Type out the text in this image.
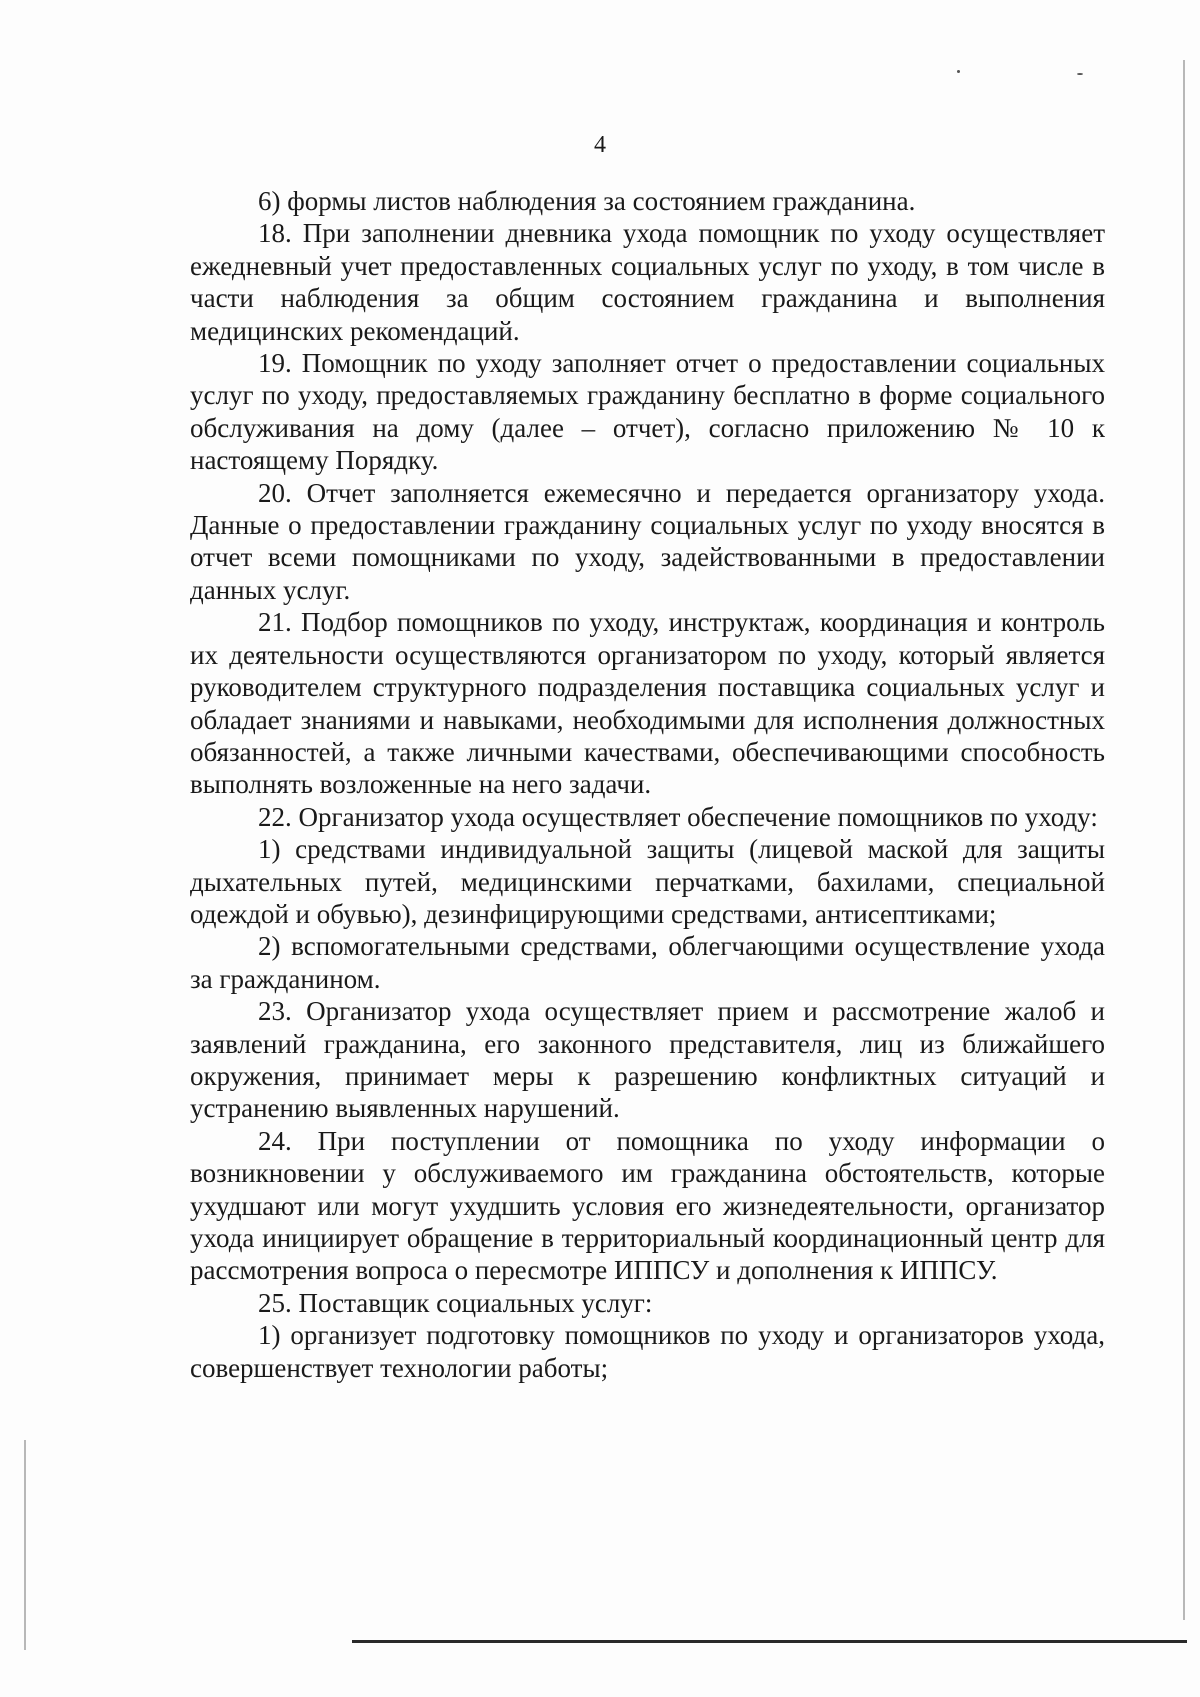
4

6) формы листов наблюдения за состоянием гражданина.

18. При заполнении дневника ухода помощник по уходу осуществляет ежедневный учет предоставленных социальных услуг по уходу, в том числе в части наблюдения за общим состоянием гражданина и выполнения медицинских рекомендаций.

19. Помощник по уходу заполняет отчет о предоставлении социальных услуг по уходу, предоставляемых гражданину бесплатно в форме социального обслуживания на дому (далее – отчет), согласно приложению № 10 к настоящему Порядку.

20. Отчет заполняется ежемесячно и передается организатору ухода. Данные о предоставлении гражданину социальных услуг по уходу вносятся в отчет всеми помощниками по уходу, задействованными в предоставлении данных услуг.

21. Подбор помощников по уходу, инструктаж, координация и контроль их деятельности осуществляются организатором по уходу, который является руководителем структурного подразделения поставщика социальных услуг и обладает знаниями и навыками, необходимыми для исполнения должностных обязанностей, а также личными качествами, обеспечивающими способность выполнять возложенные на него задачи.

22. Организатор ухода осуществляет обеспечение помощников по уходу:

1) средствами индивидуальной защиты (лицевой маской для защиты дыхательных путей, медицинскими перчатками, бахилами, специальной одеждой и обувью), дезинфицирующими средствами, антисептиками;

2) вспомогательными средствами, облегчающими осуществление ухода за гражданином.

23. Организатор ухода осуществляет прием и рассмотрение жалоб и заявлений гражданина, его законного представителя, лиц из ближайшего окружения, принимает меры к разрешению конфликтных ситуаций и устранению выявленных нарушений.

24. При поступлении от помощника по уходу информации о возникновении у обслуживаемого им гражданина обстоятельств, которые ухудшают или могут ухудшить условия его жизнедеятельности, организатор ухода инициирует обращение в территориальный координационный центр для рассмотрения вопроса о пересмотре ИППСУ и дополнения к ИППСУ.

25. Поставщик социальных услуг:

1) организует подготовку помощников по уходу и организаторов ухода, совершенствует технологии работы;
